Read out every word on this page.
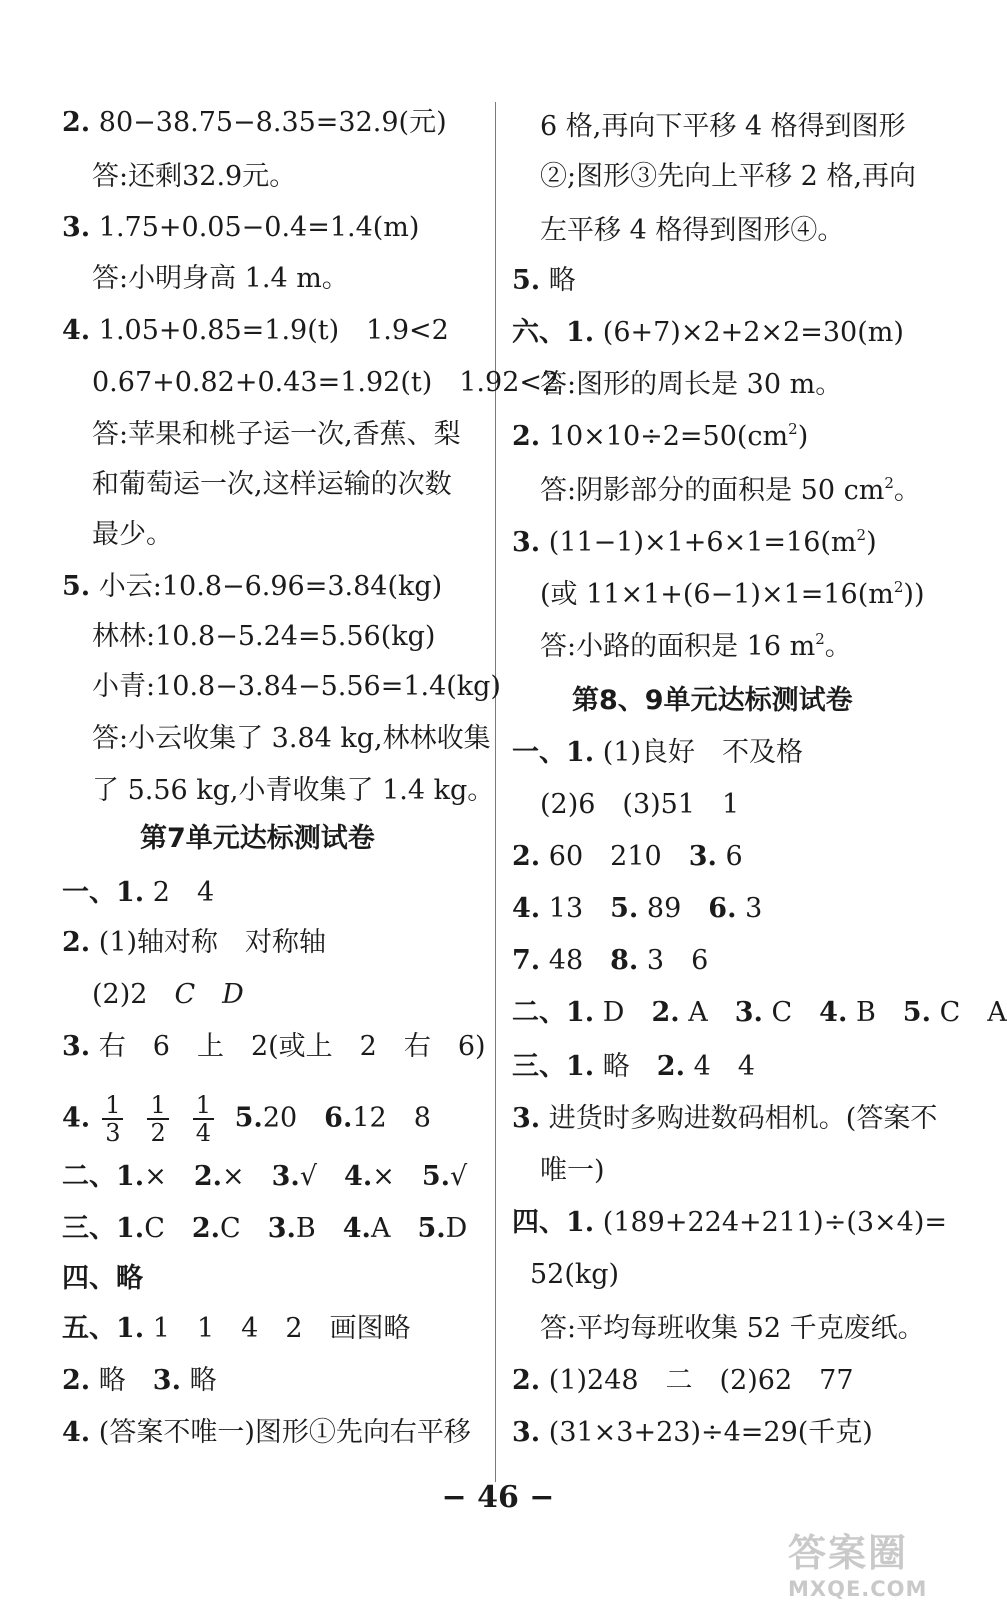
2. 80−38.75−8.35=32.9(元)
答:还剩32.9元。
3. 1.75+0.05−0.4=1.4(m)
答:小明身高 1.4 m。
4. 1.05+0.85=1.9(t)　1.9<2
0.67+0.82+0.43=1.92(t)　1.92<2
答:苹果和桃子运一次,香蕉、梨
和葡萄运一次,这样运输的次数
最少。
5. 小云:10.8−6.96=3.84(kg)
林林:10.8−5.24=5.56(kg)
小青:10.8−3.84−5.56=1.4(kg)
答:小云收集了 3.84 kg,林林收集
了 5.56 kg,小青收集了 1.4 kg。
第7单元达标测试卷
一、1. 2　4
2. (1)轴对称　对称轴
(2)2　 C　 D
3. 右　6　上　2(或上　2　右　6)
4. $\frac{1}{3} \frac{1}{2} \frac{1}{4} 5.20$　 6.12　8
二、1.×　 2.×　 3.√　 4.×　 5.√
三、1.C　 2.C　 3.B　 4.A　 5.D
四、略
五、1. 1　1　4　2　画图略
2. 略　 3. 略
4. (答案不唯一)图形①先向右平移
6 格,再向下平移 4 格得到图形
②;图形③先向上平移 2 格,再向
左平移 4 格得到图形④。
5. 略
六、1. (6+7)×2+2×2=30(m)
答:图形的周长是 30 m。
2. $10\times 10\div 2=50(cm^2)$
答:阴影部分的面积是 50 $cm^2$。
3. $(11-1)\times 1+6\times 1=16(m^2)$
(或 $11\times 1+(6-1)\times 1=16(m^2)$)
答:小路的面积是 16 $m^2$。
第8、9单元达标测试卷
一、1. (1)良好　不及格
(2)6　(3)51　1
2. 60　210　 3. 6
4. 13　 5. 89　 6. 3
7. 48　 8. 3　6
二、1. D　 2. A　 3. C　 4. B　 5. C　A
三、1. 略　 2. 4　4
3. 进货时多购进数码相机。(答案不
唯一)
四、1. (189+224+211)÷(3×4)=
52(kg)
答:平均每班收集 52 千克废纸。
2. (1)248　二　(2)62　77
3. (31×3+23)÷4=29(千克)
− 46 −
答案圈
MXQE.COM
